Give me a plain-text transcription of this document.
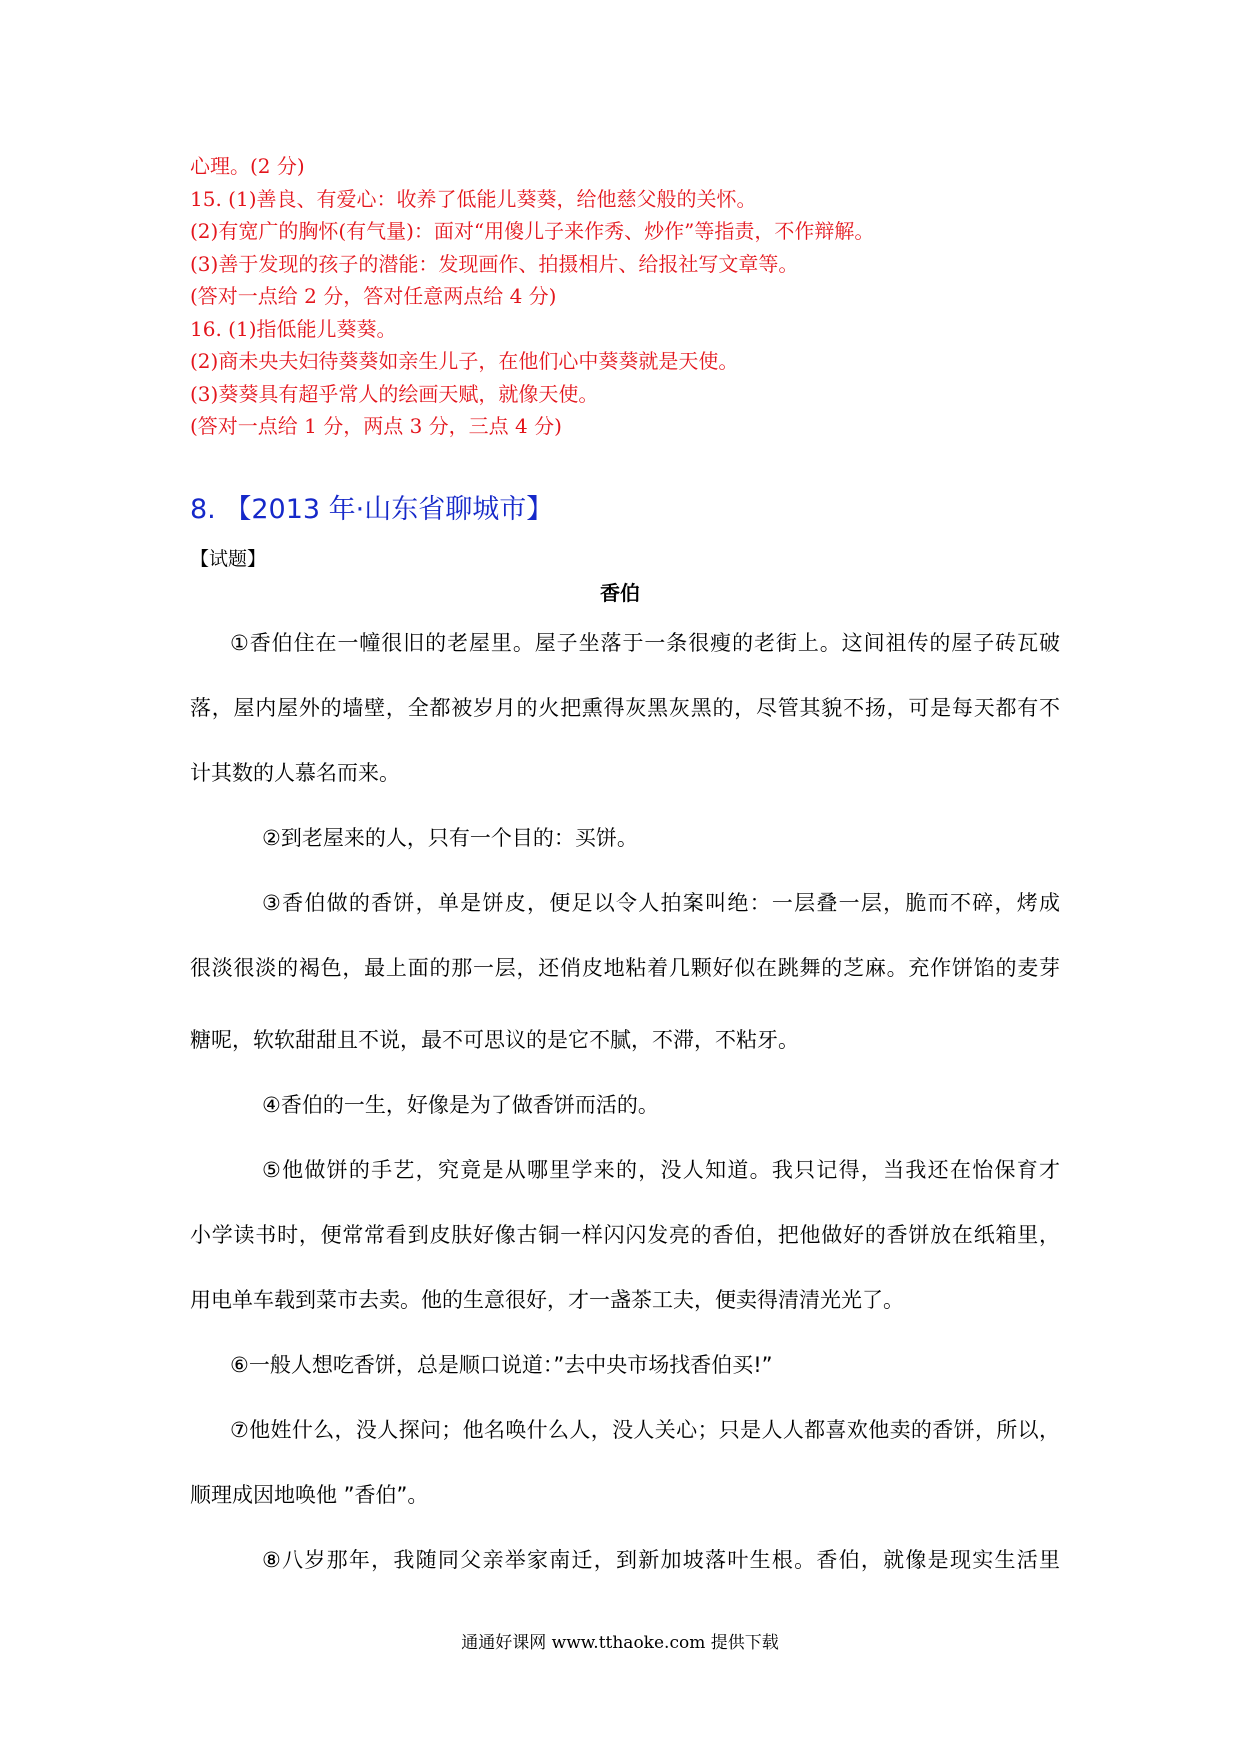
心理。(2 分)
15. (1)善良、有爱心：收养了低能儿葵葵，给他慈父般的关怀。
(2)有宽广的胸怀(有气量)：面对“用傻儿子来作秀、炒作”等指责，不作辩解。
(3)善于发现的孩子的潜能：发现画作、拍摄相片、给报社写文章等。
(答对一点给 2 分，答对任意两点给 4 分)
16. (1)指低能儿葵葵。
(2)商未央夫妇待葵葵如亲生儿子，在他们心中葵葵就是天使。
(3)葵葵具有超乎常人的绘画天赋，就像天使。
(答对一点给 1 分，两点 3 分，三点 4 分)
8. 【2013 年·山东省聊城市】
【试题】
香伯
①香伯住在一幢很旧的老屋里。屋子坐落于一条很瘦的老街上。这间祖传的屋子砖瓦破
落，屋内屋外的墙壁，全都被岁月的火把熏得灰黑灰黑的，尽管其貌不扬，可是每天都有不
计其数的人慕名而来。
②到老屋来的人，只有一个目的：买饼。
③香伯做的香饼，单是饼皮，便足以令人拍案叫绝：一层叠一层，脆而不碎，烤成
很淡很淡的褐色，最上面的那一层，还俏皮地粘着几颗好似在跳舞的芝麻。充作饼馅的麦芽
糖呢，软软甜甜且不说，最不可思议的是它不腻，不滞，不粘牙。
④香伯的一生，好像是为了做香饼而活的。
⑤他做饼的手艺，究竟是从哪里学来的，没人知道。我只记得，当我还在怡保育才
小学读书时，便常常看到皮肤好像古铜一样闪闪发亮的香伯，把他做好的香饼放在纸箱里，
用电单车载到菜市去卖。他的生意很好，才一盏茶工夫，便卖得清清光光了。
⑥一般人想吃香饼，总是顺口说道：”去中央市场找香伯买!”
⑦他姓什么，没人探问；他名唤什么人，没人关心；只是人人都喜欢他卖的香饼，所以，
顺理成因地唤他 ”香伯”。
⑧八岁那年，我随同父亲举家南迁，到新加坡落叶生根。香伯，就像是现实生活里
通通好课网 www.tthaoke.com 提供下载
